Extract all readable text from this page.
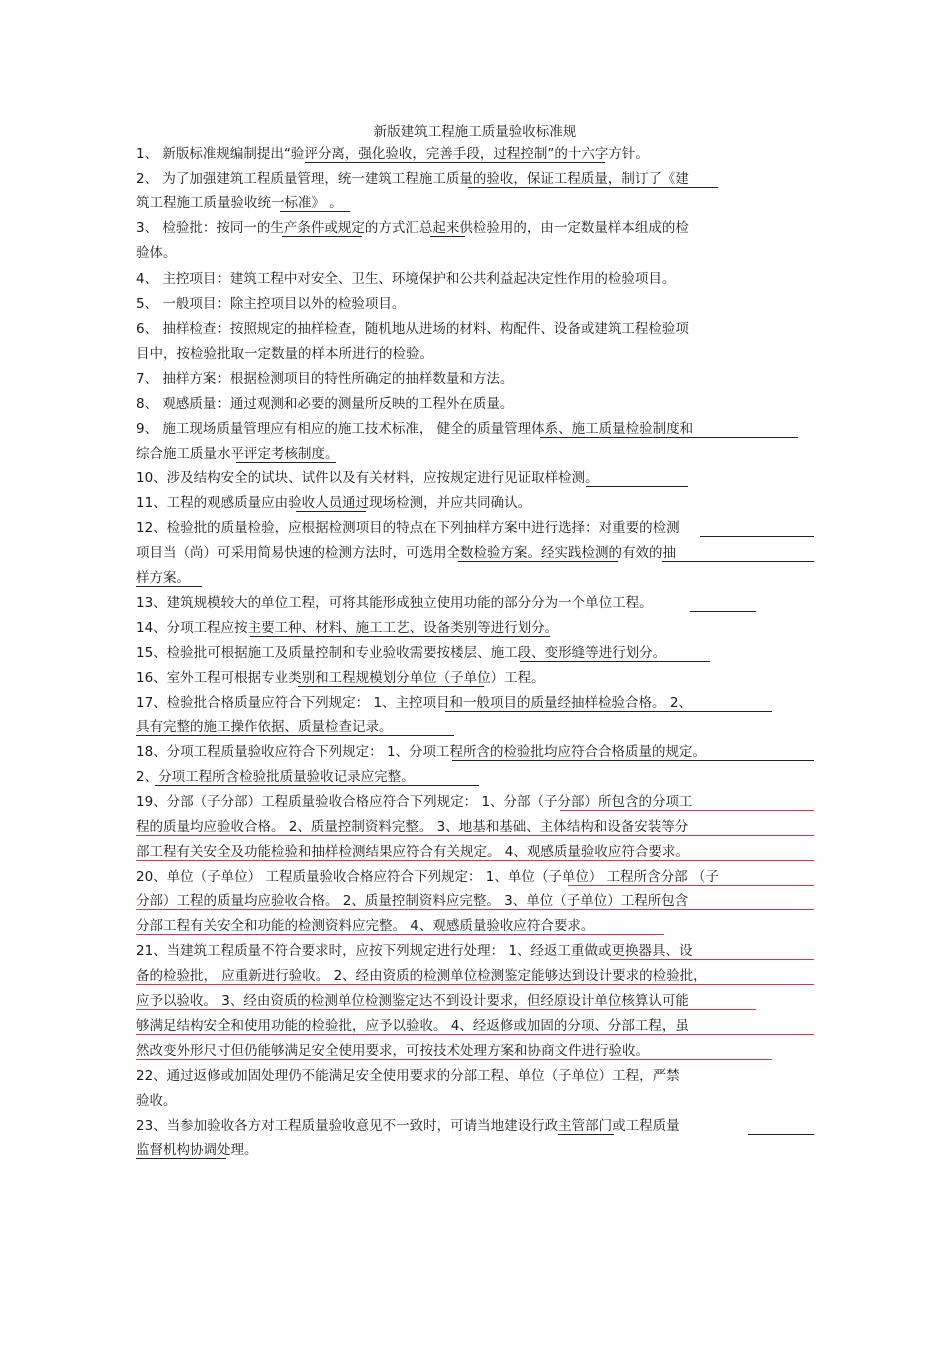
新版建筑工程施工质量验收标准规
1、 新版标准规编制提出“验评分离，强化验收，完善手段，过程控制”的十六字方针。
2、 为了加强建筑工程质量管理，统一建筑工程施工质量的验收，保证工程质量，制订了《建
筑工程施工质量验收统一标准》 。
3、 检验批：按同一的生产条件或规定的方式汇总起来供检验用的，由一定数量样本组成的检
验体。
4、 主控项目：建筑工程中对安全、卫生、环境保护和公共利益起决定性作用的检验项目。
5、 一般项目：除主控项目以外的检验项目。
6、 抽样检查：按照规定的抽样检查，随机地从进场的材料、构配件、设备或建筑工程检验项
目中，按检验批取一定数量的样本所进行的检验。
7、 抽样方案：根据检测项目的特性所确定的抽样数量和方法。
8、 观感质量：通过观测和必要的测量所反映的工程外在质量。
9、 施工现场质量管理应有相应的施工技术标准， 健全的质量管理体系、施工质量检验制度和
综合施工质量水平评定考核制度。
10、涉及结构安全的试块、试件以及有关材料，应按规定进行见证取样检测。
11、工程的观感质量应由验收人员通过现场检测，并应共同确认。
12、检验批的质量检验，应根据检测项目的特点在下列抽样方案中进行选择：对重要的检测
项目当（尚）可采用简易快速的检测方法时，可选用全数检验方案。经实践检测的有效的抽
样方案。
13、建筑规模较大的单位工程，可将其能形成独立使用功能的部分分为一个单位工程。
14、分项工程应按主要工种、材料、施工工艺、设备类别等进行划分。
15、检验批可根据施工及质量控制和专业验收需要按楼层、施工段、变形缝等进行划分。
16、室外工程可根据专业类别和工程规模划分单位（子单位）工程。
17、检验批合格质量应符合下列规定： 1、主控项目和一般项目的质量经抽样检验合格。 2、
具有完整的施工操作依据、质量检查记录。
18、分项工程质量验收应符合下列规定： 1、分项工程所含的检验批均应符合合格质量的规定。
2、分项工程所含检验批质量验收记录应完整。
19、分部（子分部）工程质量验收合格应符合下列规定： 1、分部（子分部）所包含的分项工
程的质量均应验收合格。 2、质量控制资料完整。 3、地基和基础、主体结构和设备安装等分
部工程有关安全及功能检验和抽样检测结果应符合有关规定。 4、观感质量验收应符合要求。
20、单位（子单位） 工程质量验收合格应符合下列规定： 1、单位（子单位） 工程所含分部 （子
分部）工程的质量均应验收合格。 2、质量控制资料应完整。 3、单位（子单位）工程所包含
分部工程有关安全和功能的检测资料应完整。 4、观感质量验收应符合要求。
21、当建筑工程质量不符合要求时，应按下列规定进行处理： 1、经返工重做或更换器具、设
备的检验批， 应重新进行验收。 2、经由资质的检测单位检测鉴定能够达到设计要求的检验批，
应予以验收。 3、经由资质的检测单位检测鉴定达不到设计要求，但经原设计单位核算认可能
够满足结构安全和使用功能的检验批，应予以验收。 4、经返修或加固的分项、分部工程，虽
然改变外形尺寸但仍能够满足安全使用要求，可按技术处理方案和协商文件进行验收。
22、通过返修或加固处理仍不能满足安全使用要求的分部工程、单位（子单位）工程，严禁
验收。
23、当参加验收各方对工程质量验收意见不一致时，可请当地建设行政主管部门或工程质量
监督机构协调处理。
